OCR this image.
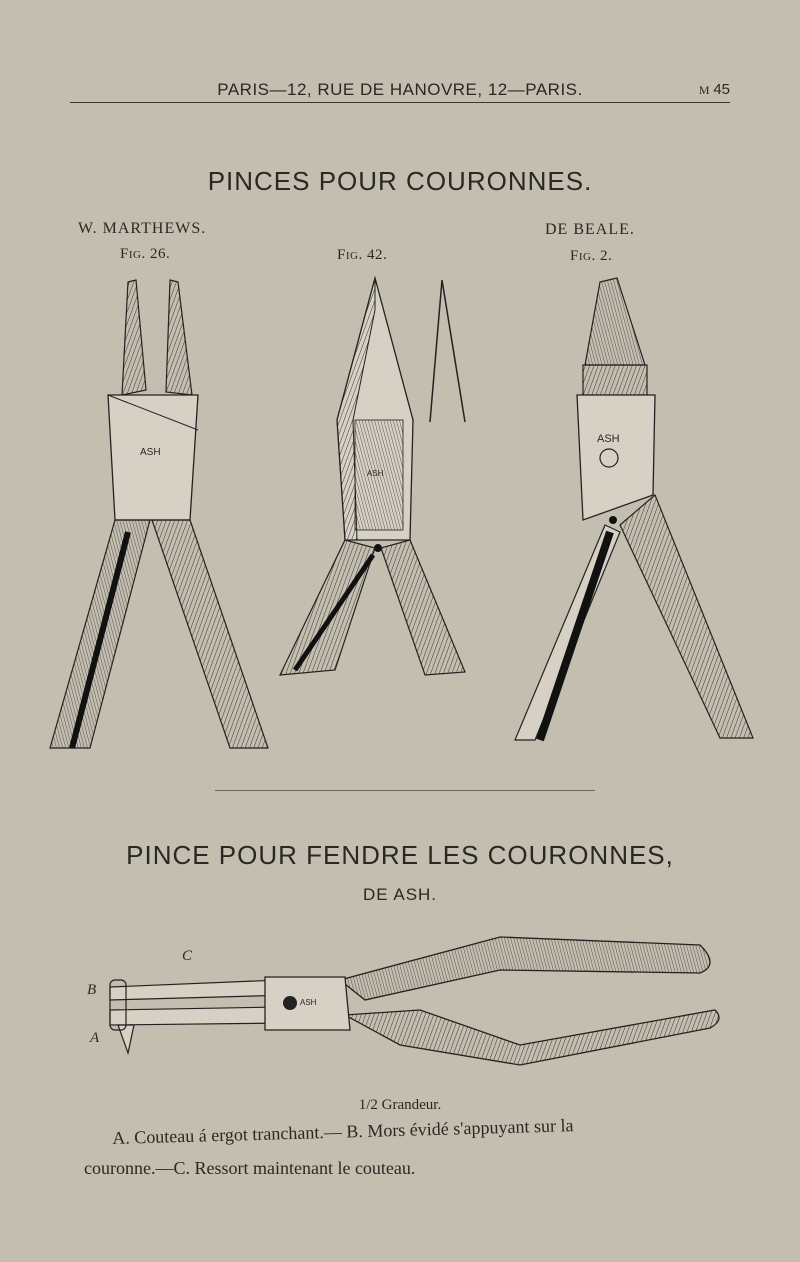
PARIS—12, RUE DE HANOVRE, 12—PARIS.	M 45
PINCES POUR COURONNES.
W. MARTHEWS.	DE BEALE.
Fig. 26.	Fig. 42.	Fig. 2.
ASH
ASH
ASH
PINCE POUR FENDRE LES COURONNES,
DE ASH.
ASH
C
B
A
1/2 Grandeur.
A. Couteau á ergot tranchant.— B. Mors évidé s'appuyant sur la
couronne.—C. Ressort maintenant le couteau.
